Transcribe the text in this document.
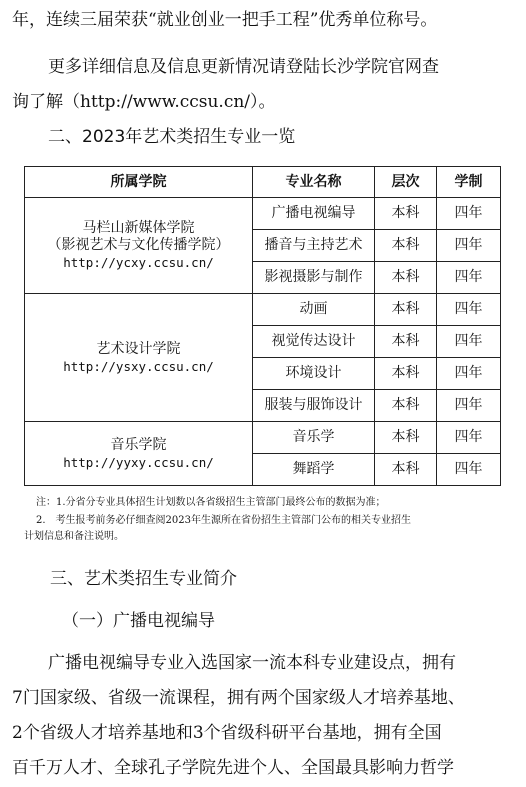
年，连续三届荣获“就业创业一把手工程”优秀单位称号。
更多详细信息及信息更新情况请登陆长沙学院官网查
询了解（http://www.ccsu.cn/）。
二、2023年艺术类招生专业一览
所属学院	专业名称	层次	学制

马栏山新媒体学院
（影视艺术与文化传播学院）
http://ycxy.ccsu.cn/	广播电视编导	本科	四年
	播音与主持艺术	本科	四年
	影视摄影与制作	本科	四年

艺术设计学院
http://ysxy.ccsu.cn/	动画	本科	四年
	视觉传达设计	本科	四年
	环境设计	本科	四年
	服装与服饰设计	本科	四年

音乐学院
http://yyxy.ccsu.cn/	音乐学	本科	四年
	舞蹈学	本科	四年
注：1.分省分专业具体招生计划数以各省级招生主管部门最终公布的数据为准；
2.　考生报考前务必仔细查阅2023年生源所在省份招生主管部门公布的相关专业招生
计划信息和备注说明。
三、艺术类招生专业简介
（一）广播电视编导
广播电视编导专业入选国家一流本科专业建设点，拥有
7门国家级、省级一流课程，拥有两个国家级人才培养基地、
2个省级人才培养基地和3个省级科研平台基地，拥有全国
百千万人才、全球孔子学院先进个人、全国最具影响力哲学
